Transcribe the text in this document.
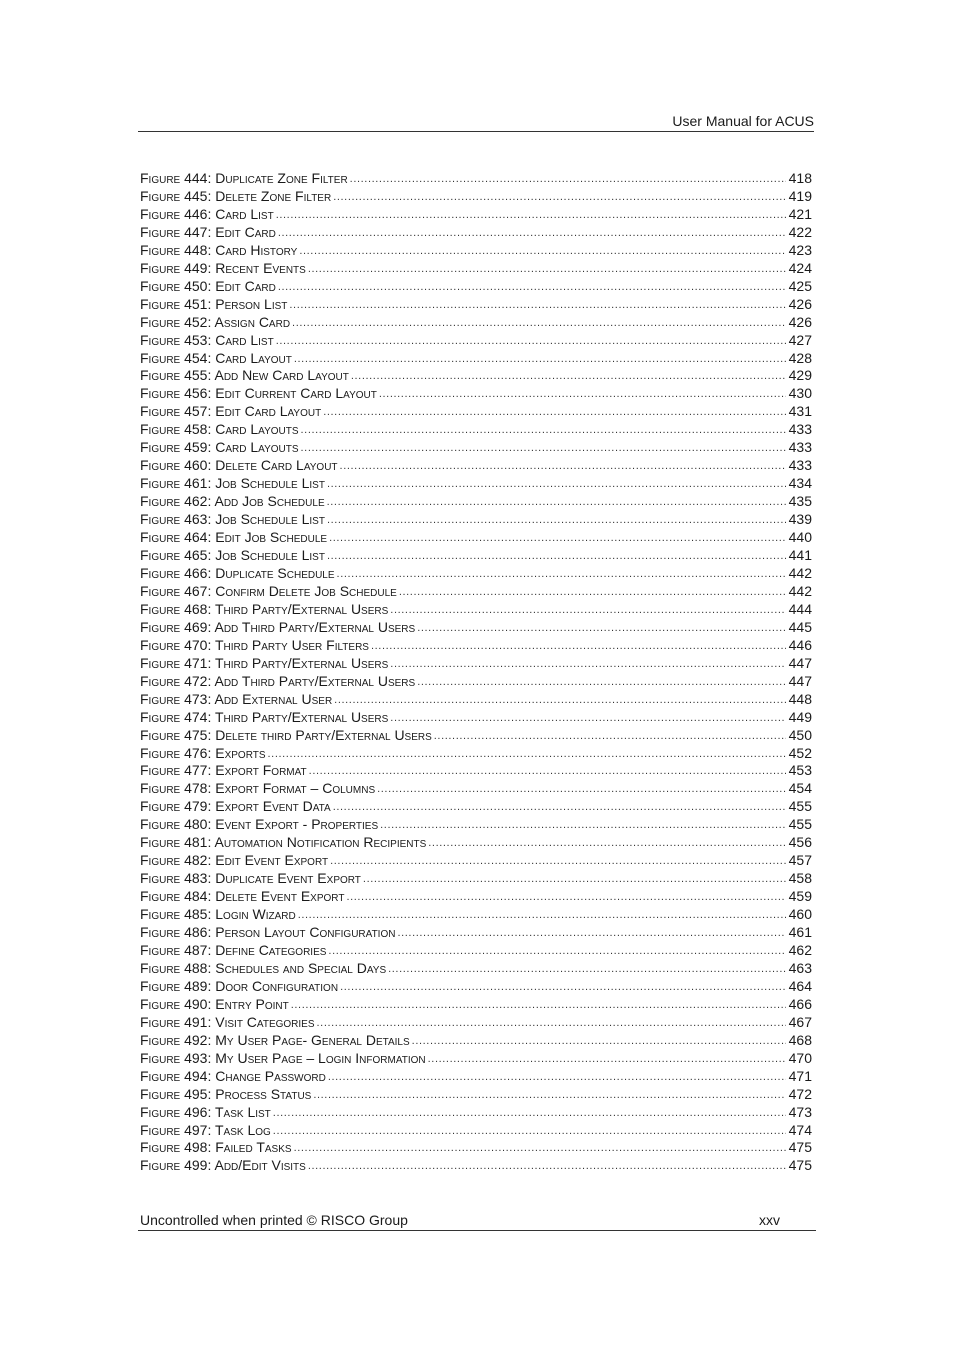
User Manual for ACUS
Figure 444: Duplicate Zone Filter .....	418
Figure 445: Delete Zone Filter .....	419
Figure 446: Card List .....	421
Figure 447: Edit Card .....	422
Figure 448: Card History .....	423
Figure 449: Recent Events .....	424
Figure 450: Edit Card .....	425
Figure 451: Person List .....	426
Figure 452: Assign Card .....	426
Figure 453: Card List .....	427
Figure 454: Card Layout .....	428
Figure 455: Add New Card Layout .....	429
Figure 456: Edit Current Card Layout .....	430
Figure 457: Edit Card Layout .....	431
Figure 458: Card Layouts .....	433
Figure 459: Card Layouts .....	433
Figure 460: Delete Card Layout .....	433
Figure 461: Job Schedule List .....	434
Figure 462: Add Job Schedule .....	435
Figure 463: Job Schedule List .....	439
Figure 464: Edit Job Schedule .....	440
Figure 465: Job Schedule List .....	441
Figure 466: Duplicate Schedule .....	442
Figure 467: Confirm Delete Job Schedule .....	442
Figure 468: Third Party/External Users .....	444
Figure 469: Add Third Party/External Users .....	445
Figure 470: Third Party User Filters .....	446
Figure 471: Third Party/External Users .....	447
Figure 472: Add Third Party/External Users .....	447
Figure 473: Add External User .....	448
Figure 474: Third Party/External Users .....	449
Figure 475: Delete third Party/External Users .....	450
Figure 476: Exports .....	452
Figure 477: Export Format .....	453
Figure 478: Export Format – Columns .....	454
Figure 479: Export Event Data .....	455
Figure 480: Event Export - Properties .....	455
Figure 481: Automation Notification Recipients .....	456
Figure 482: Edit Event Export .....	457
Figure 483: Duplicate Event Export .....	458
Figure 484: Delete Event Export .....	459
Figure 485: Login Wizard .....	460
Figure 486: Person Layout Configuration .....	461
Figure 487: Define Categories .....	462
Figure 488: Schedules and Special Days .....	463
Figure 489: Door Configuration .....	464
Figure 490: Entry Point .....	466
Figure 491: Visit Categories .....	467
Figure 492: My User Page- General Details .....	468
Figure 493: My User Page – Login Information .....	470
Figure 494: Change Password .....	471
Figure 495: Process Status .....	472
Figure 496: Task List .....	473
Figure 497: Task Log .....	474
Figure 498: Failed Tasks .....	475
Figure 499: Add/Edit Visits .....	475
Uncontrolled when printed © RISCO Group	xxv
